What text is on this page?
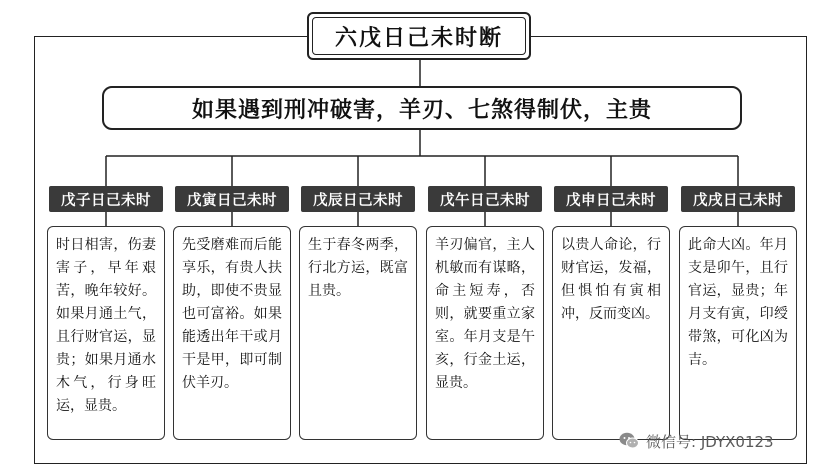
六戊日己未时断
如果遇到刑冲破害，羊刃、七煞得制伏，主贵
戊子日己未时	戊寅日己未时	戊辰日己未时	戊午日己未时	戊申日己未时	戊戌日己未时
时日相害，伤妻害子，早年艰苦，晚年较好。如果月通土气，且行财官运，显贵；如果月通水木气，行身旺运，显贵。
先受磨难而后能享乐，有贵人扶助，即使不贵显也可富裕。如果能透出年干或月干是甲，即可制伏羊刃。
生于春冬两季，行北方运，既富且贵。
羊刃偏官，主人机敏而有谋略，命主短寿，否则，就要重立家室。年月支是午亥，行金土运，显贵。
以贵人命论，行财官运，发福，但惧怕有寅相冲，反而变凶。
此命大凶。年月支是卯午，且行官运，显贵；年月支有寅，印绶带煞，可化凶为吉。
微信号: JDYX0123
